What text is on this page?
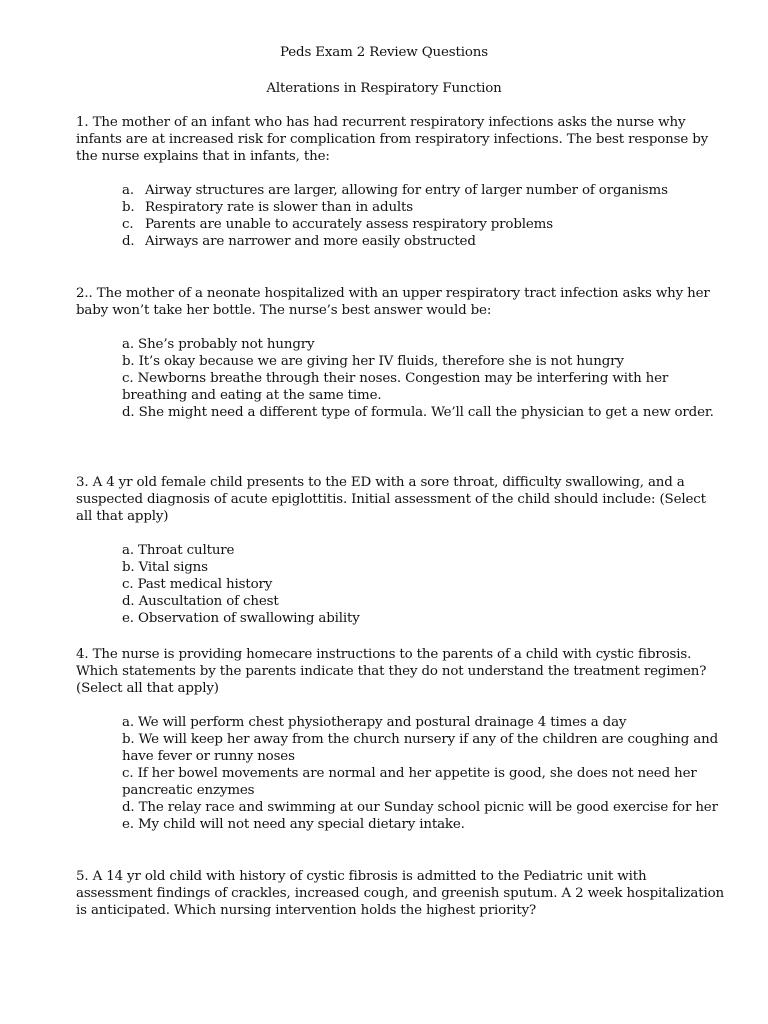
Peds Exam 2 Review Questions
Alterations in Respiratory Function

1. The mother of an infant who has had recurrent respiratory infections asks the nurse why infants are at increased risk for complication from respiratory infections. The best response by the nurse explains that in infants, the:

a. Airway structures are larger, allowing for entry of larger number of organisms
b. Respiratory rate is slower than in adults
c. Parents are unable to accurately assess respiratory problems
d. Airways are narrower and more easily obstructed

2.. The mother of a neonate hospitalized with an upper respiratory tract infection asks why her baby won’t take her bottle. The nurse’s best answer would be:

a. She’s probably not hungry
b. It’s okay because we are giving her IV fluids, therefore she is not hungry
c. Newborns breathe through their noses. Congestion may be interfering with her breathing and eating at the same time.
d. She might need a different type of formula. We’ll call the physician to get a new order.

3. A 4 yr old female child presents to the ED with a sore throat, difficulty swallowing, and a suspected diagnosis of acute epiglottitis. Initial assessment of the child should include: (Select all that apply)

a. Throat culture
b. Vital signs
c. Past medical history
d. Auscultation of chest
e. Observation of swallowing ability

4. The nurse is providing homecare instructions to the parents of a child with cystic fibrosis. Which statements by the parents indicate that they do not understand the treatment regimen? (Select all that apply)

a. We will perform chest physiotherapy and postural drainage 4 times a day
b. We will keep her away from the church nursery if any of the children are coughing and have fever or runny noses
c. If her bowel movements are normal and her appetite is good, she does not need her pancreatic enzymes
d. The relay race and swimming at our Sunday school picnic will be good exercise for her
e. My child will not need any special dietary intake.

5. A 14 yr old child with history of cystic fibrosis is admitted to the Pediatric unit with assessment findings of crackles, increased cough, and greenish sputum. A 2 week hospitalization is anticipated. Which nursing intervention holds the highest priority?
